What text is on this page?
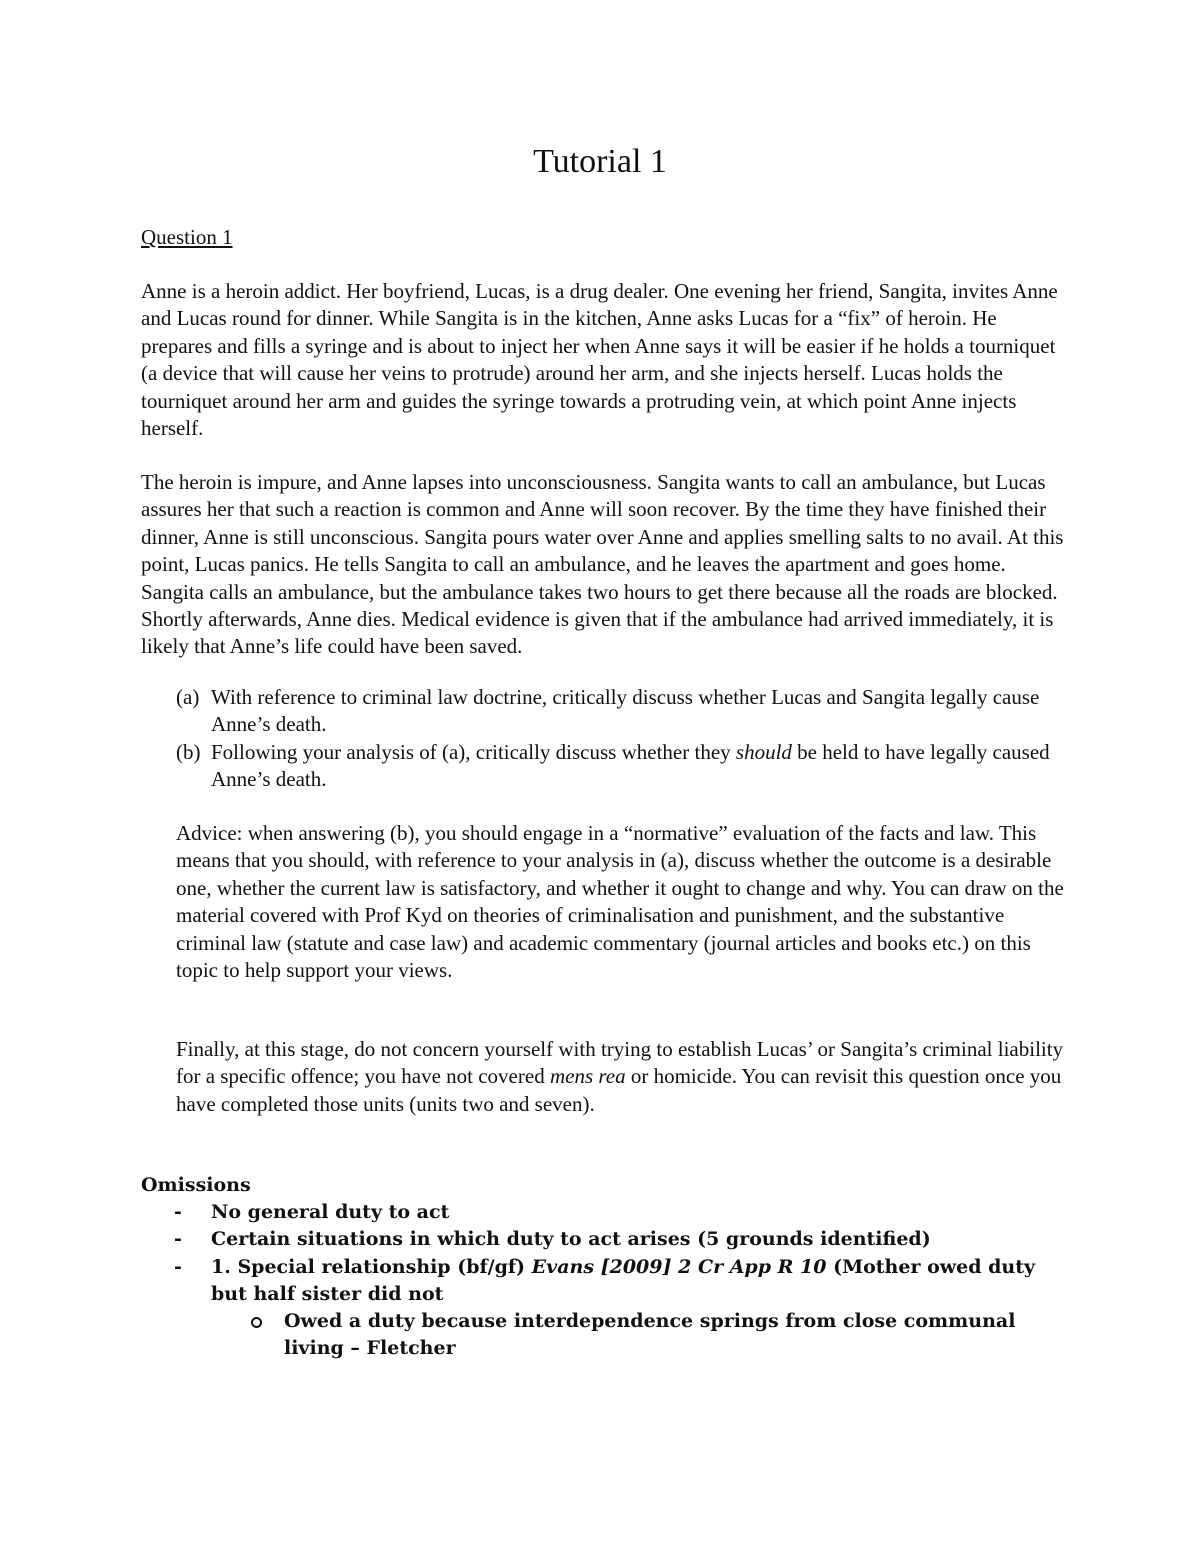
Tutorial 1

Question 1

Anne is a heroin addict. Her boyfriend, Lucas, is a drug dealer. One evening her friend, Sangita, invites Anne and Lucas round for dinner. While Sangita is in the kitchen, Anne asks Lucas for a “fix” of heroin. He prepares and fills a syringe and is about to inject her when Anne says it will be easier if he holds a tourniquet (a device that will cause her veins to protrude) around her arm, and she injects herself. Lucas holds the tourniquet around her arm and guides the syringe towards a protruding vein, at which point Anne injects herself.

The heroin is impure, and Anne lapses into unconsciousness. Sangita wants to call an ambulance, but Lucas assures her that such a reaction is common and Anne will soon recover. By the time they have finished their dinner, Anne is still unconscious. Sangita pours water over Anne and applies smelling salts to no avail. At this point, Lucas panics. He tells Sangita to call an ambulance, and he leaves the apartment and goes home. Sangita calls an ambulance, but the ambulance takes two hours to get there because all the roads are blocked. Shortly afterwards, Anne dies. Medical evidence is given that if the ambulance had arrived immediately, it is likely that Anne’s life could have been saved.

(a) With reference to criminal law doctrine, critically discuss whether Lucas and Sangita legally cause Anne’s death.
(b) Following your analysis of (a), critically discuss whether they should be held to have legally caused Anne’s death.

Advice: when answering (b), you should engage in a “normative” evaluation of the facts and law. This means that you should, with reference to your analysis in (a), discuss whether the outcome is a desirable one, whether the current law is satisfactory, and whether it ought to change and why. You can draw on the material covered with Prof Kyd on theories of criminalisation and punishment, and the substantive criminal law (statute and case law) and academic commentary (journal articles and books etc.) on this topic to help support your views.

Finally, at this stage, do not concern yourself with trying to establish Lucas’ or Sangita’s criminal liability for a specific offence; you have not covered mens rea or homicide. You can revisit this question once you have completed those units (units two and seven).

Omissions

- No general duty to act
- Certain situations in which duty to act arises (5 grounds identified)
- 1. Special relationship (bf/gf) Evans [2009] 2 Cr App R 10 (Mother owed duty but half sister did not
Owed a duty because interdependence springs from close communal living – Fletcher
